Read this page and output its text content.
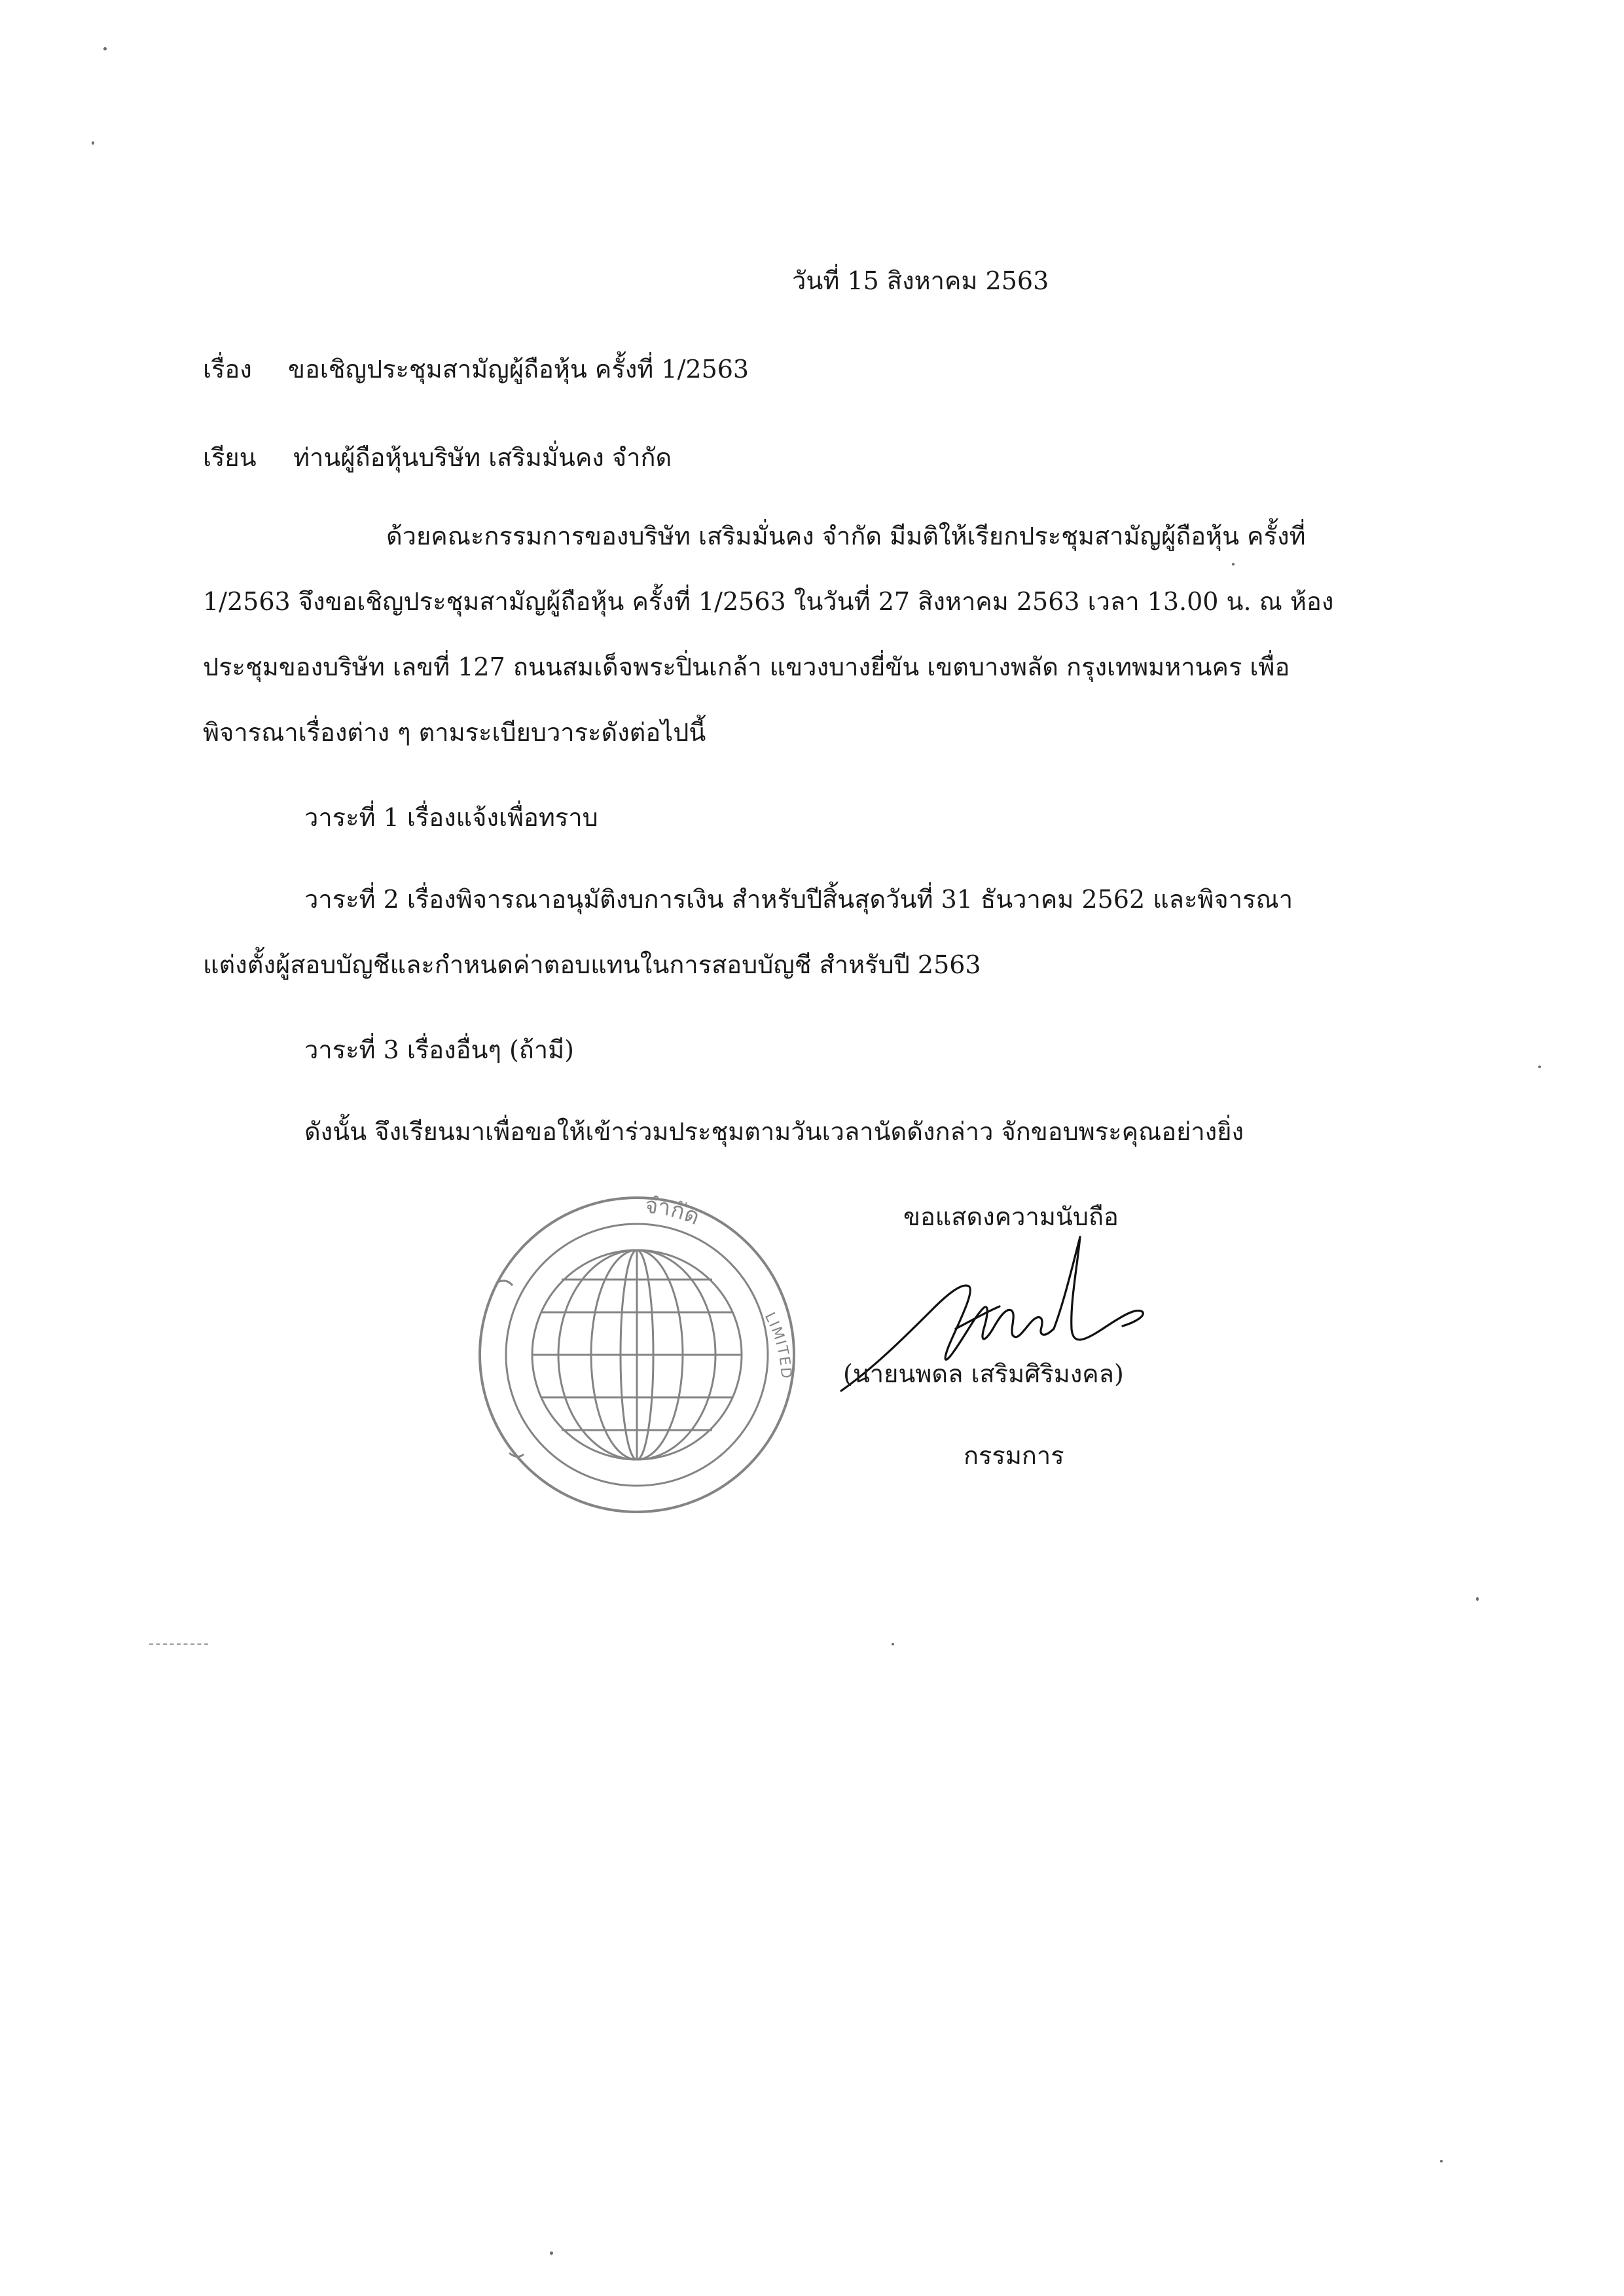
วันที่ 15 สิงหาคม 2563
เรื่อง ขอเชิญประชุมสามัญผู้ถือหุ้น ครั้งที่ 1/2563
เรียน ท่านผู้ถือหุ้นบริษัท เสริมมั่นคง จำกัด
ด้วยคณะกรรมการของบริษัท เสริมมั่นคง จำกัด มีมติให้เรียกประชุมสามัญผู้ถือหุ้น ครั้งที่
1/2563 จึงขอเชิญประชุมสามัญผู้ถือหุ้น ครั้งที่ 1/2563 ในวันที่ 27 สิงหาคม 2563 เวลา 13.00 น. ณ ห้อง
ประชุมของบริษัท เลขที่ 127 ถนนสมเด็จพระปิ่นเกล้า แขวงบางยี่ขัน เขตบางพลัด กรุงเทพมหานคร เพื่อ
พิจารณาเรื่องต่าง ๆ ตามระเบียบวาระดังต่อไปนี้
วาระที่ 1 เรื่องแจ้งเพื่อทราบ
วาระที่ 2 เรื่องพิจารณาอนุมัติงบการเงิน สำหรับปีสิ้นสุดวันที่ 31 ธันวาคม 2562 และพิจารณา
แต่งตั้งผู้สอบบัญชีและกำหนดค่าตอบแทนในการสอบบัญชี สำหรับปี 2563
วาระที่ 3 เรื่องอื่นๆ (ถ้ามี)
ดังนั้น จึงเรียนมาเพื่อขอให้เข้าร่วมประชุมตามวันเวลานัดดังกล่าว จักขอบพระคุณอย่างยิ่ง
ขอแสดงความนับถือ
จำกัด
LIMITED (นายนพดล เสริมศิริมงคล)
กรรมการ
